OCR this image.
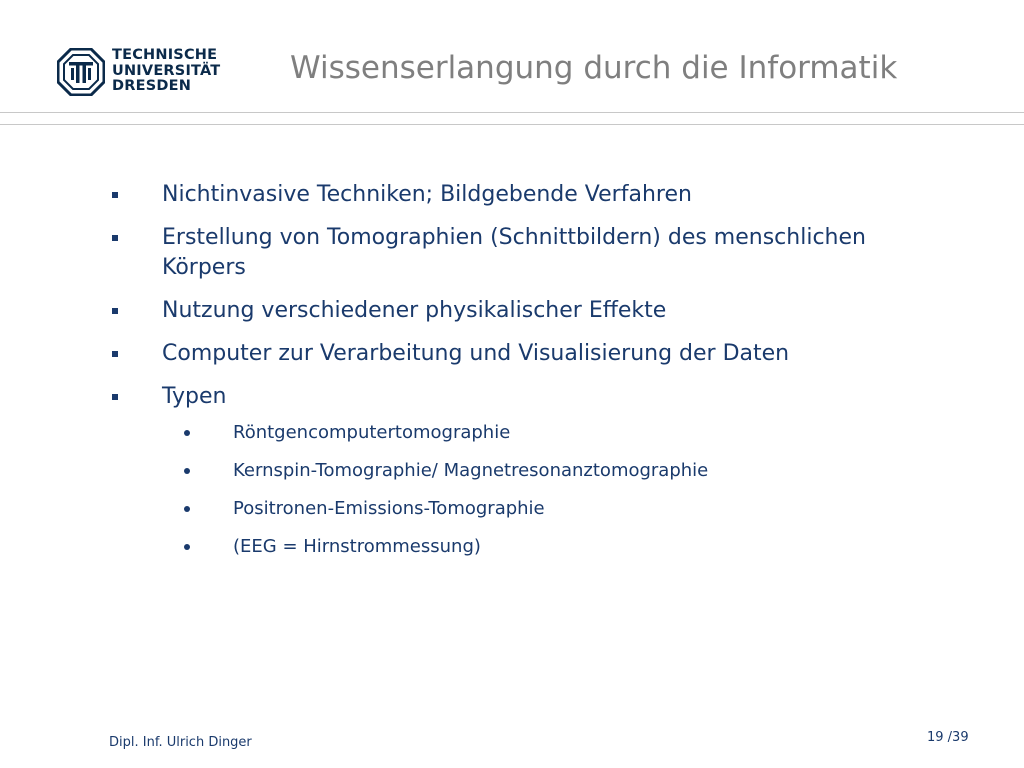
TECHNISCHE
UNIVERSITÄT
DRESDEN	Wissenserlangung durch die Informatik
Nichtinvasive Techniken; Bildgebende Verfahren
Erstellung von Tomographien (Schnittbildern) des menschlichen Körpers
Nutzung verschiedener physikalischer Effekte
Computer zur Verarbeitung und Visualisierung der Daten
Typen
Röntgencomputertomographie
Kernspin-Tomographie/ Magnetresonanztomographie
Positronen-Emissions-Tomographie
(EEG = Hirnstrommessung)
Dipl. Inf. Ulrich Dinger	19 /39
